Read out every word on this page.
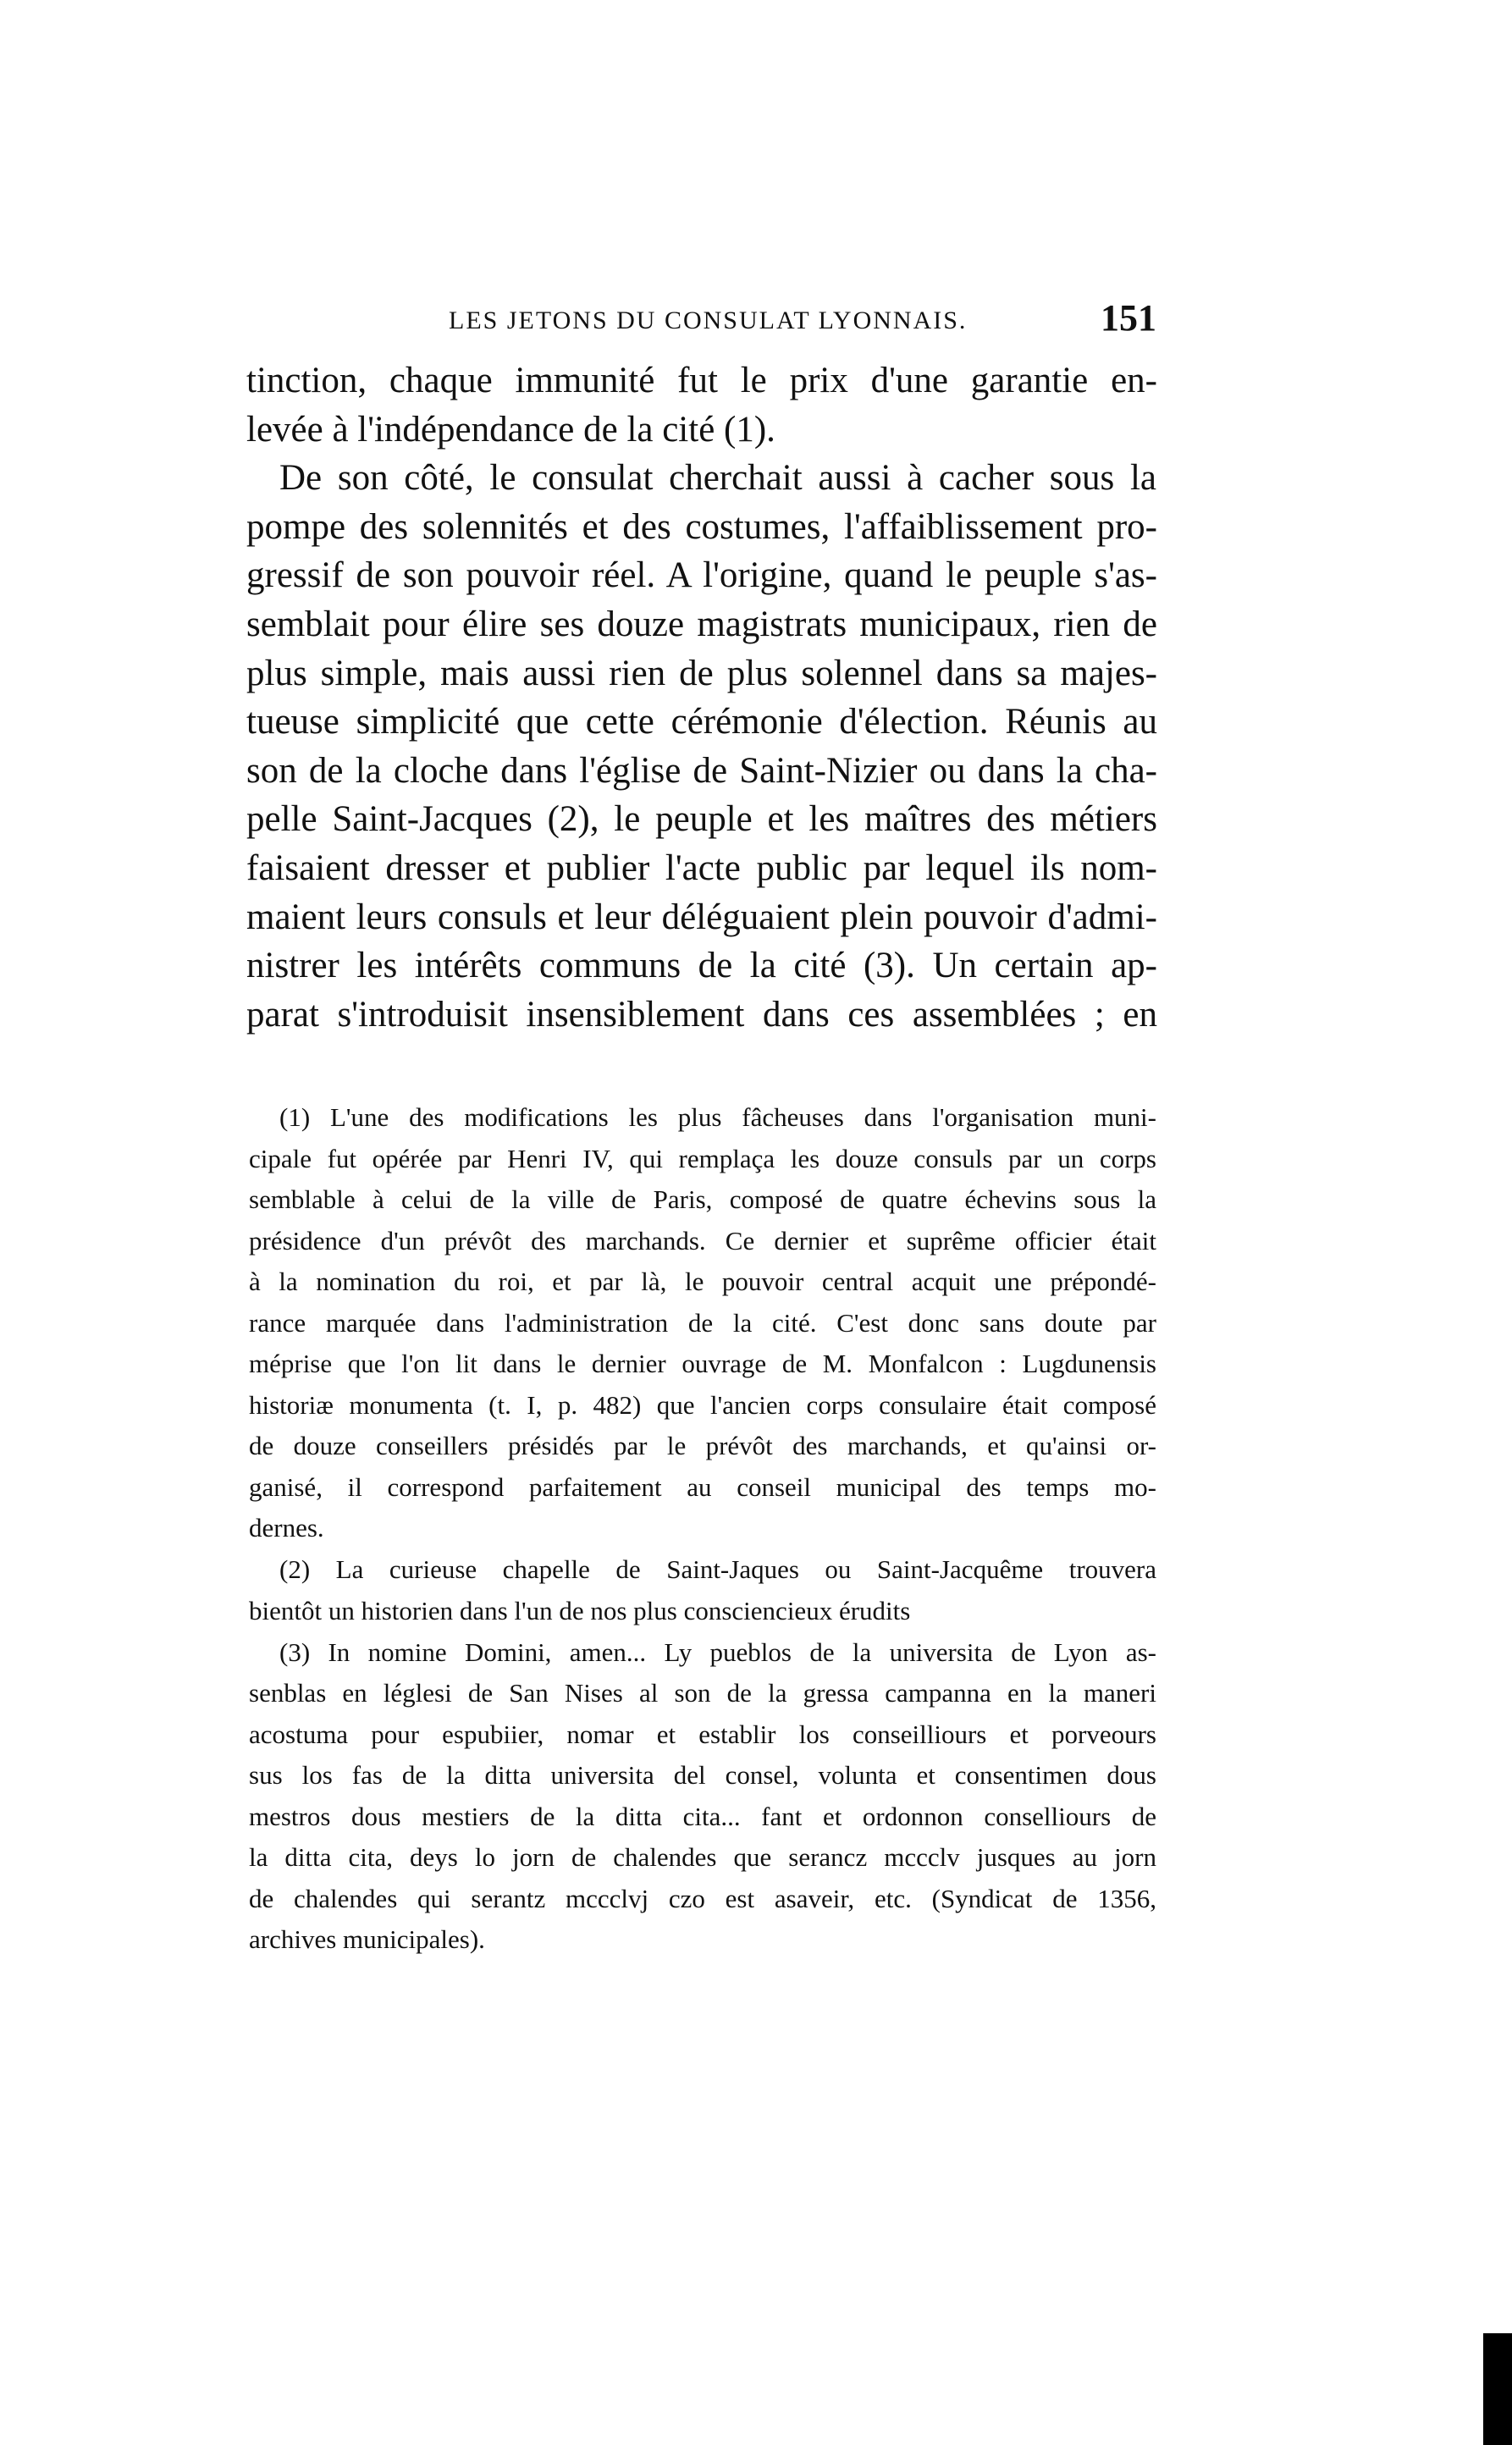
LES JETONS DU CONSULAT LYONNAIS.	151
tinction, chaque immunité fut le prix d'une garantie en-
levée à l'indépendance de la cité (1).
De son côté, le consulat cherchait aussi à cacher sous la
pompe des solennités et des costumes, l'affaiblissement pro-
gressif de son pouvoir réel. A l'origine, quand le peuple s'as-
semblait pour élire ses douze magistrats municipaux, rien de
plus simple, mais aussi rien de plus solennel dans sa majes-
tueuse simplicité que cette cérémonie d'élection. Réunis au
son de la cloche dans l'église de Saint-Nizier ou dans la cha-
pelle Saint-Jacques (2), le peuple et les maîtres des métiers
faisaient dresser et publier l'acte public par lequel ils nom-
maient leurs consuls et leur déléguaient plein pouvoir d'admi-
nistrer les intérêts communs de la cité (3). Un certain ap-
parat s'introduisit insensiblement dans ces assemblées ; en
(1) L'une des modifications les plus fâcheuses dans l'organisation muni-
cipale fut opérée par Henri IV, qui remplaça les douze consuls par un corps
semblable à celui de la ville de Paris, composé de quatre échevins sous la
présidence d'un prévôt des marchands. Ce dernier et suprême officier était
à la nomination du roi, et par là, le pouvoir central acquit une prépondé-
rance marquée dans l'administration de la cité. C'est donc sans doute par
méprise que l'on lit dans le dernier ouvrage de M. Monfalcon : Lugdunensis
historiæ monumenta (t. I, p. 482) que l'ancien corps consulaire était composé
de douze conseillers présidés par le prévôt des marchands, et qu'ainsi or-
ganisé, il correspond parfaitement au conseil municipal des temps mo-
dernes.
(2) La curieuse chapelle de Saint-Jaques ou Saint-Jacquême trouvera
bientôt un historien dans l'un de nos plus consciencieux érudits
(3) In nomine Domini, amen... Ly pueblos de la universita de Lyon as-
senblas en léglesi de San Nises al son de la gressa campanna en la maneri
acostuma pour espubiier, nomar et establir los conseilliours et porveours
sus los fas de la ditta universita del consel, volunta et consentimen dous
mestros dous mestiers de la ditta cita... fant et ordonnon conselliours de
la ditta cita, deys lo jorn de chalendes que serancz mccclv jusques au jorn
de chalendes qui serantz mccclvj czo est asaveir, etc. (Syndicat de 1356,
archives municipales).
